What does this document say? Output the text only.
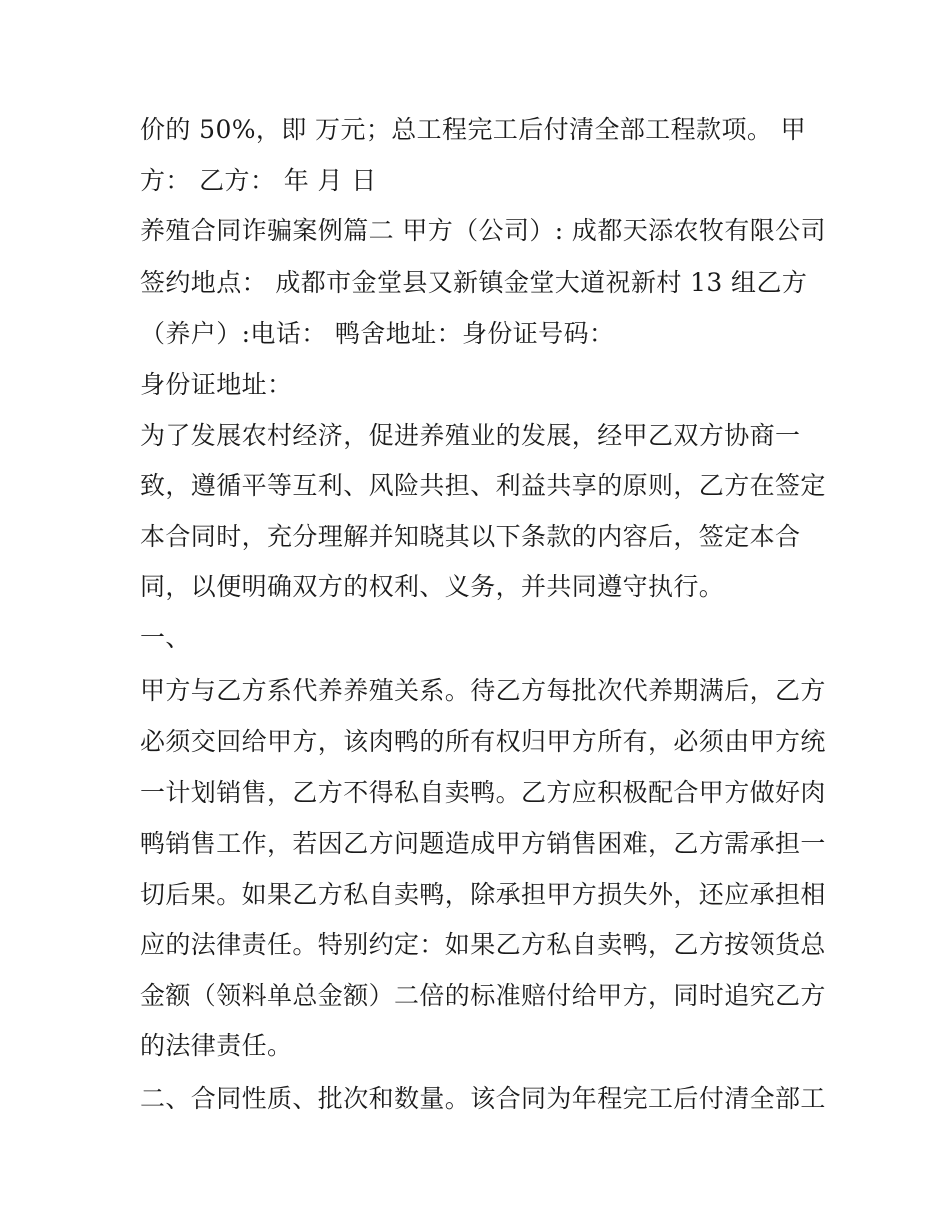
价的 50%，即 万元；总工程完工后付清全部工程款项。 甲
方： 乙方： 年 月 日
养殖合同诈骗案例篇二 甲方（公司）: 成都天添农牧有限公司
签约地点： 成都市金堂县又新镇金堂大道祝新村 13 组乙方
（养户）:电话： 鸭舍地址：身份证号码：
身份证地址：
为了发展农村经济，促进养殖业的发展，经甲乙双方协商一
致，遵循平等互利、风险共担、利益共享的原则，乙方在签定
本合同时，充分理解并知晓其以下条款的内容后，签定本合
同，以便明确双方的权利、义务，并共同遵守执行。
一、
甲方与乙方系代养养殖关系。待乙方每批次代养期满后，乙方
必须交回给甲方，该肉鸭的所有权归甲方所有，必须由甲方统
一计划销售，乙方不得私自卖鸭。乙方应积极配合甲方做好肉
鸭销售工作，若因乙方问题造成甲方销售困难，乙方需承担一
切后果。如果乙方私自卖鸭，除承担甲方损失外，还应承担相
应的法律责任。特别约定：如果乙方私自卖鸭，乙方按领货总
金额（领料单总金额）二倍的标准赔付给甲方，同时追究乙方
的法律责任。
二、合同性质、批次和数量。该合同为年程完工后付清全部工
